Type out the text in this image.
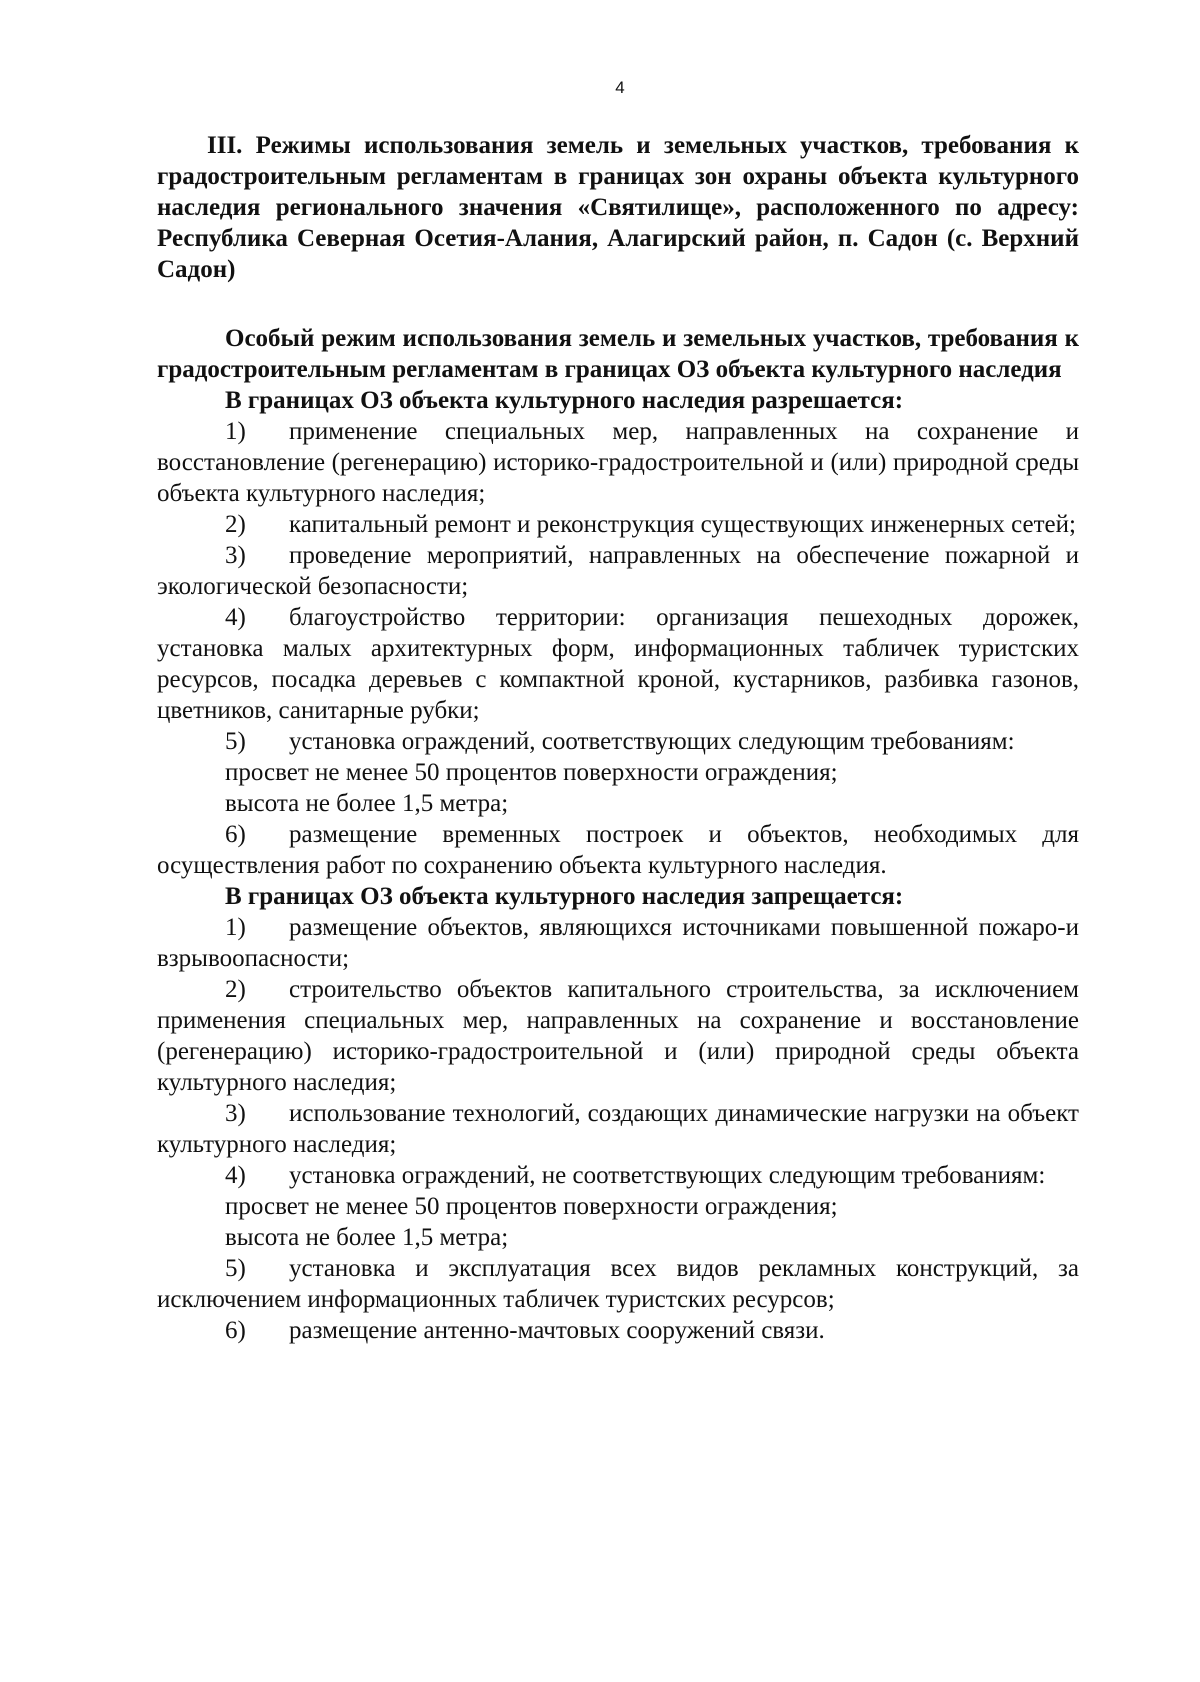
4

III. Режимы использования земель и земельных участков, требования к градостроительным регламентам в границах зон охраны объекта культурного наследия регионального значения «Святилище», расположенного по адресу: Республика Северная Осетия-Алания, Алагирский район, п. Садон (с. Верхний Садон)

Особый режим использования земель и земельных участков, требования к градостроительным регламентам в границах ОЗ объекта культурного наследия

В границах ОЗ объекта культурного наследия разрешается:

1) применение специальных мер, направленных на сохранение и восстановление (регенерацию) историко-градостроительной и (или) природной среды объекта культурного наследия;

2) капитальный ремонт и реконструкция существующих инженерных сетей;

3) проведение мероприятий, направленных на обеспечение пожарной и экологической безопасности;

4) благоустройство территории: организация пешеходных дорожек, установка малых архитектурных форм, информационных табличек туристских ресурсов, посадка деревьев с компактной кроной, кустарников, разбивка газонов, цветников, санитарные рубки;

5) установка ограждений, соответствующих следующим требованиям:

просвет не менее 50 процентов поверхности ограждения;

высота не более 1,5 метра;

6) размещение временных построек и объектов, необходимых для осуществления работ по сохранению объекта культурного наследия.

В границах ОЗ объекта культурного наследия запрещается:

1) размещение объектов, являющихся источниками повышенной пожаро-и взрывоопасности;

2) строительство объектов капитального строительства, за исключением применения специальных мер, направленных на сохранение и восстановление (регенерацию) историко-градостроительной и (или) природной среды объекта культурного наследия;

3) использование технологий, создающих динамические нагрузки на объект культурного наследия;

4) установка ограждений, не соответствующих следующим требованиям:

просвет не менее 50 процентов поверхности ограждения;

высота не более 1,5 метра;

5) установка и эксплуатация всех видов рекламных конструкций, за исключением информационных табличек туристских ресурсов;

6) размещение антенно-мачтовых сооружений связи.
